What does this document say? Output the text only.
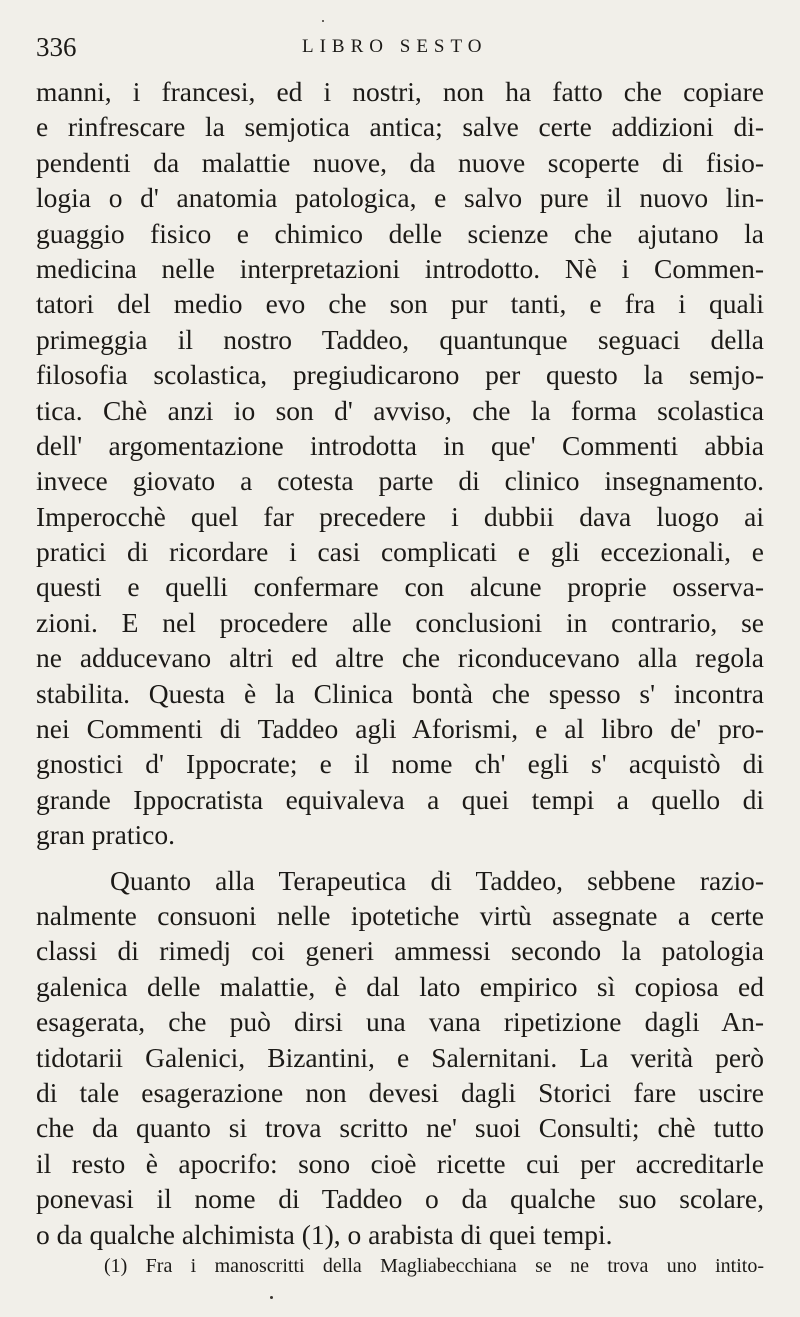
336	LIBRO SESTO
manni, i francesi, ed i nostri, non ha fatto che copiare
e rinfrescare la semjotica antica; salve certe addizioni di-
pendenti da malattie nuove, da nuove scoperte di fisio-
logia o d' anatomia patologica, e salvo pure il nuovo lin-
guaggio fisico e chimico delle scienze che ajutano la
medicina nelle interpretazioni introdotto. Nè i Commen-
tatori del medio evo che son pur tanti, e fra i quali
primeggia il nostro Taddeo, quantunque seguaci della
filosofia scolastica, pregiudicarono per questo la semjo-
tica. Chè anzi io son d' avviso, che la forma scolastica
dell' argomentazione introdotta in que' Commenti abbia
invece giovato a cotesta parte di clinico insegnamento.
Imperocchè quel far precedere i dubbii dava luogo ai
pratici di ricordare i casi complicati e gli eccezionali, e
questi e quelli confermare con alcune proprie osserva-
zioni. E nel procedere alle conclusioni in contrario, se
ne adducevano altri ed altre che riconducevano alla regola
stabilita. Questa è la Clinica bontà che spesso s' incontra
nei Commenti di Taddeo agli Aforismi, e al libro de' pro-
gnostici d' Ippocrate; e il nome ch' egli s' acquistò di
grande Ippocratista equivaleva a quei tempi a quello di
gran pratico.
Quanto alla Terapeutica di Taddeo, sebbene razio-
nalmente consuoni nelle ipotetiche virtù assegnate a certe
classi di rimedj coi generi ammessi secondo la patologia
galenica delle malattie, è dal lato empirico sì copiosa ed
esagerata, che può dirsi una vana ripetizione dagli An-
tidotarii Galenici, Bizantini, e Salernitani. La verità però
di tale esagerazione non devesi dagli Storici fare uscire
che da quanto si trova scritto ne' suoi Consulti; chè tutto
il resto è apocrifo: sono cioè ricette cui per accreditarle
ponevasi il nome di Taddeo o da qualche suo scolare,
o da qualche alchimista (1), o arabista di quei tempi.
(1) Fra i manoscritti della Magliabecchiana se ne trova uno intito-
